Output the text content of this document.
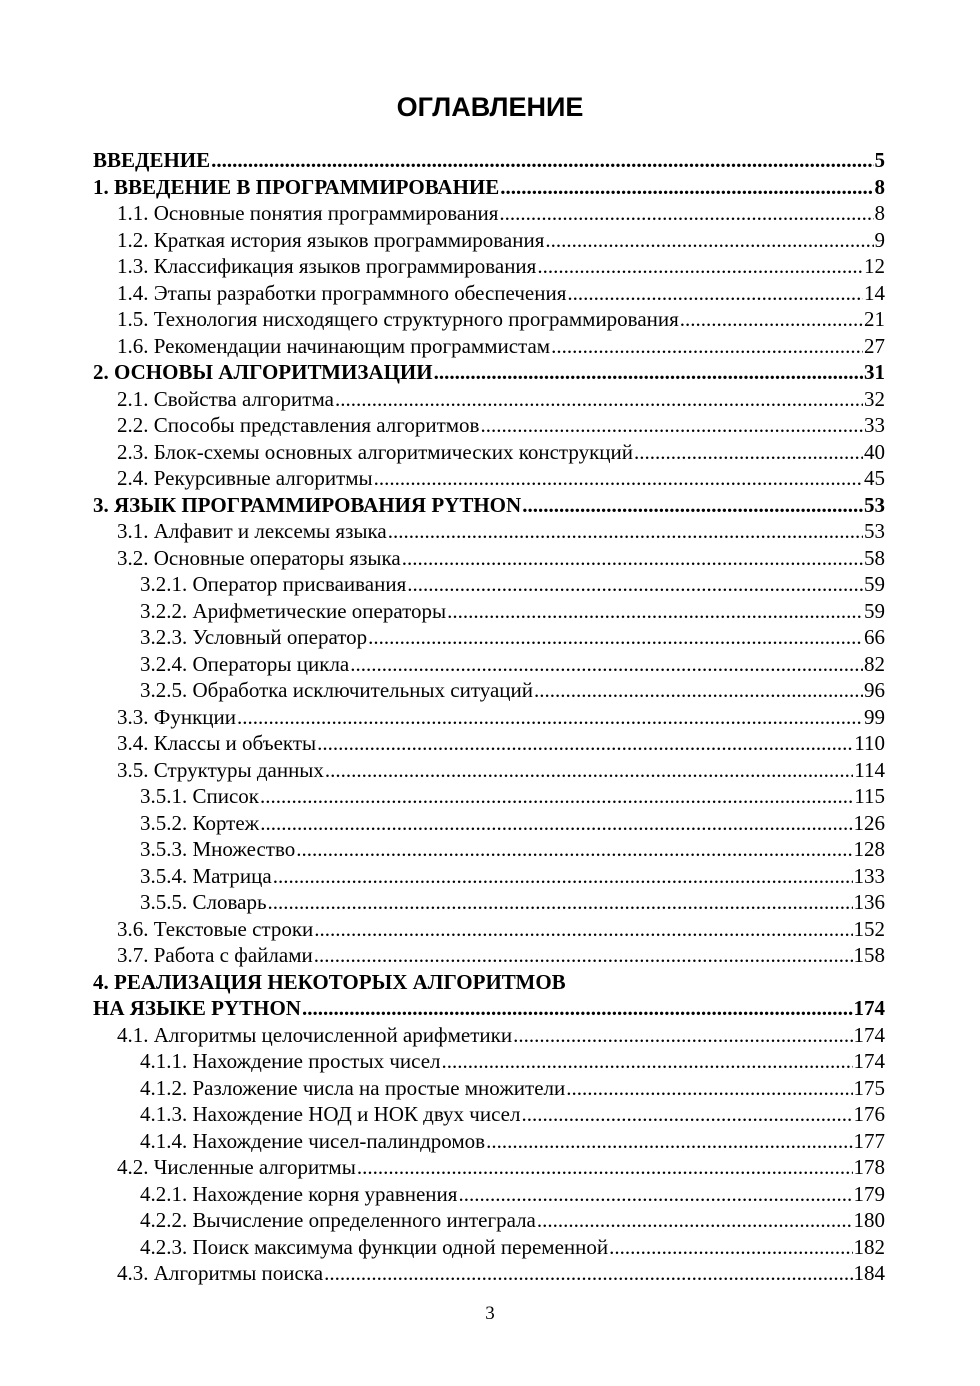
ОГЛАВЛЕНИЕ
ВВЕДЕНИЕ .....	5
1. ВВЕДЕНИЕ В ПРОГРАММИРОВАНИЕ .....	8
1.1. Основные понятия программирования .....	8
1.2. Краткая история языков программирования .....	9
1.3. Классификация языков программирования .....	12
1.4. Этапы разработки программного обеспечения .....	14
1.5. Технология нисходящего структурного программирования .....	21
1.6. Рекомендации начинающим программистам .....	27
2. ОСНОВЫ АЛГОРИТМИЗАЦИИ .....	31
2.1. Свойства алгоритма .....	32
2.2. Способы представления алгоритмов .....	33
2.3. Блок-схемы основных алгоритмических конструкций .....	40
2.4. Рекурсивные алгоритмы .....	45
3. ЯЗЫК ПРОГРАММИРОВАНИЯ PYTHON .....	53
3.1. Алфавит и лексемы языка .....	53
3.2. Основные операторы языка .....	58
3.2.1. Оператор присваивания .....	59
3.2.2. Арифметические операторы .....	59
3.2.3. Условный оператор .....	66
3.2.4. Операторы цикла .....	82
3.2.5. Обработка исключительных ситуаций .....	96
3.3. Функции .....	99
3.4. Классы и объекты .....	110
3.5. Структуры данных .....	114
3.5.1. Список .....	115
3.5.2. Кортеж .....	126
3.5.3. Множество .....	128
3.5.4. Матрица .....	133
3.5.5. Словарь .....	136
3.6. Текстовые строки .....	152
3.7. Работа с файлами .....	158
4. РЕАЛИЗАЦИЯ НЕКОТОРЫХ АЛГОРИТМОВ
НА ЯЗЫКЕ PYTHON .....	174
4.1. Алгоритмы целочисленной арифметики .....	174
4.1.1. Нахождение простых чисел .....	174
4.1.2. Разложение числа на простые множители .....	175
4.1.3. Нахождение НОД и НОК двух чисел .....	176
4.1.4. Нахождение чисел-палиндромов .....	177
4.2. Численные алгоритмы .....	178
4.2.1. Нахождение корня уравнения .....	179
4.2.2. Вычисление определенного интеграла .....	180
4.2.3. Поиск максимума функции одной переменной .....	182
4.3. Алгоритмы поиска .....	184
3
